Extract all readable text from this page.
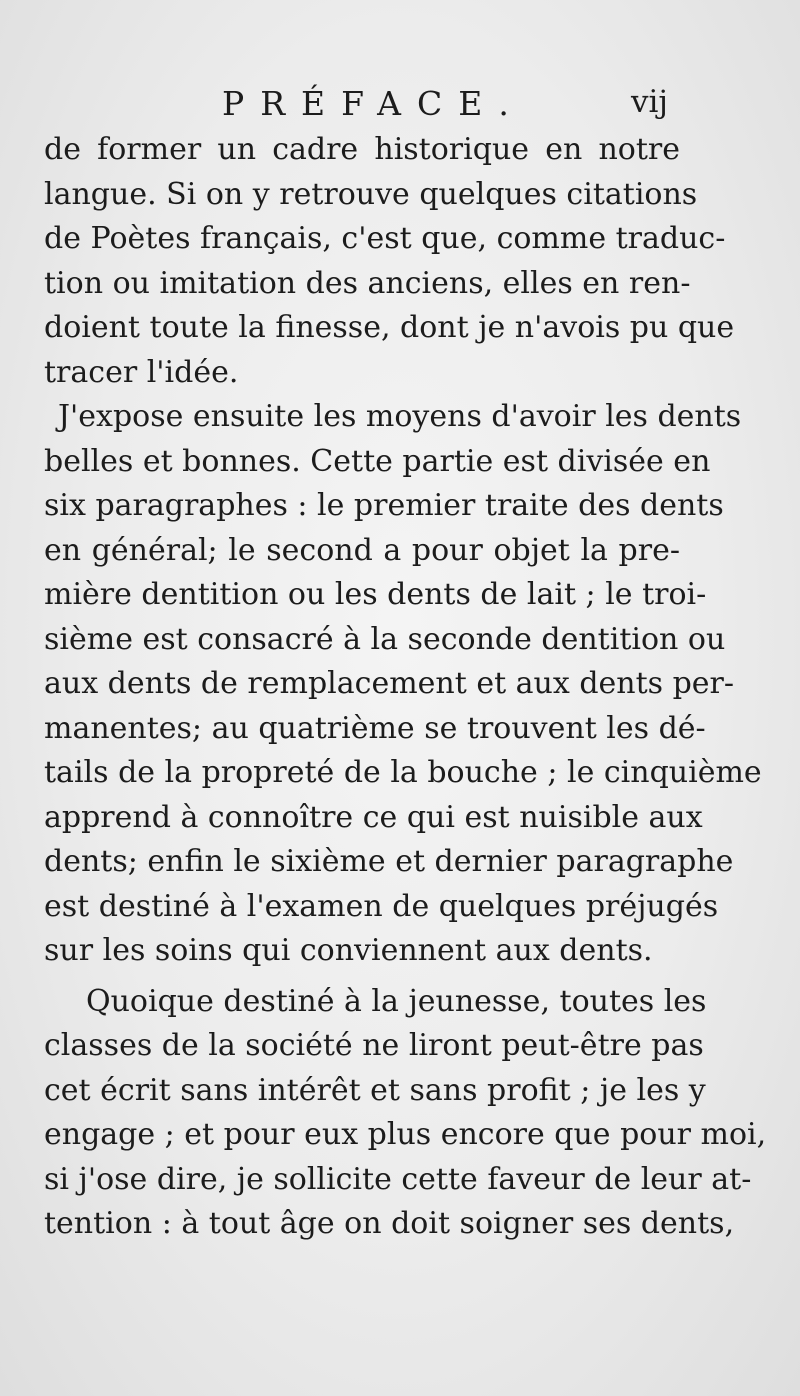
PRÉFACE.	vij
de former un cadre historique en notre
langue. Si on y retrouve quelques citations
de Poètes français, c'est que, comme traduc-
tion ou imitation des anciens, elles en ren-
doient toute la finesse, dont je n'avois pu que
tracer l'idée.
J'expose ensuite les moyens d'avoir les dents
belles et bonnes. Cette partie est divisée en
six paragraphes : le premier traite des dents
en général; le second a pour objet la pre-
mière dentition ou les dents de lait ; le troi-
sième est consacré à la seconde dentition ou
aux dents de remplacement et aux dents per-
manentes; au quatrième se trouvent les dé-
tails de la propreté de la bouche ; le cinquième
apprend à connoître ce qui est nuisible aux
dents; enfin le sixième et dernier paragraphe
est destiné à l'examen de quelques préjugés
sur les soins qui conviennent aux dents.
Quoique destiné à la jeunesse, toutes les
classes de la société ne liront peut-être pas
cet écrit sans intérêt et sans profit ; je les y
engage ; et pour eux plus encore que pour moi,
si j'ose dire, je sollicite cette faveur de leur at-
tention : à tout âge on doit soigner ses dents,
